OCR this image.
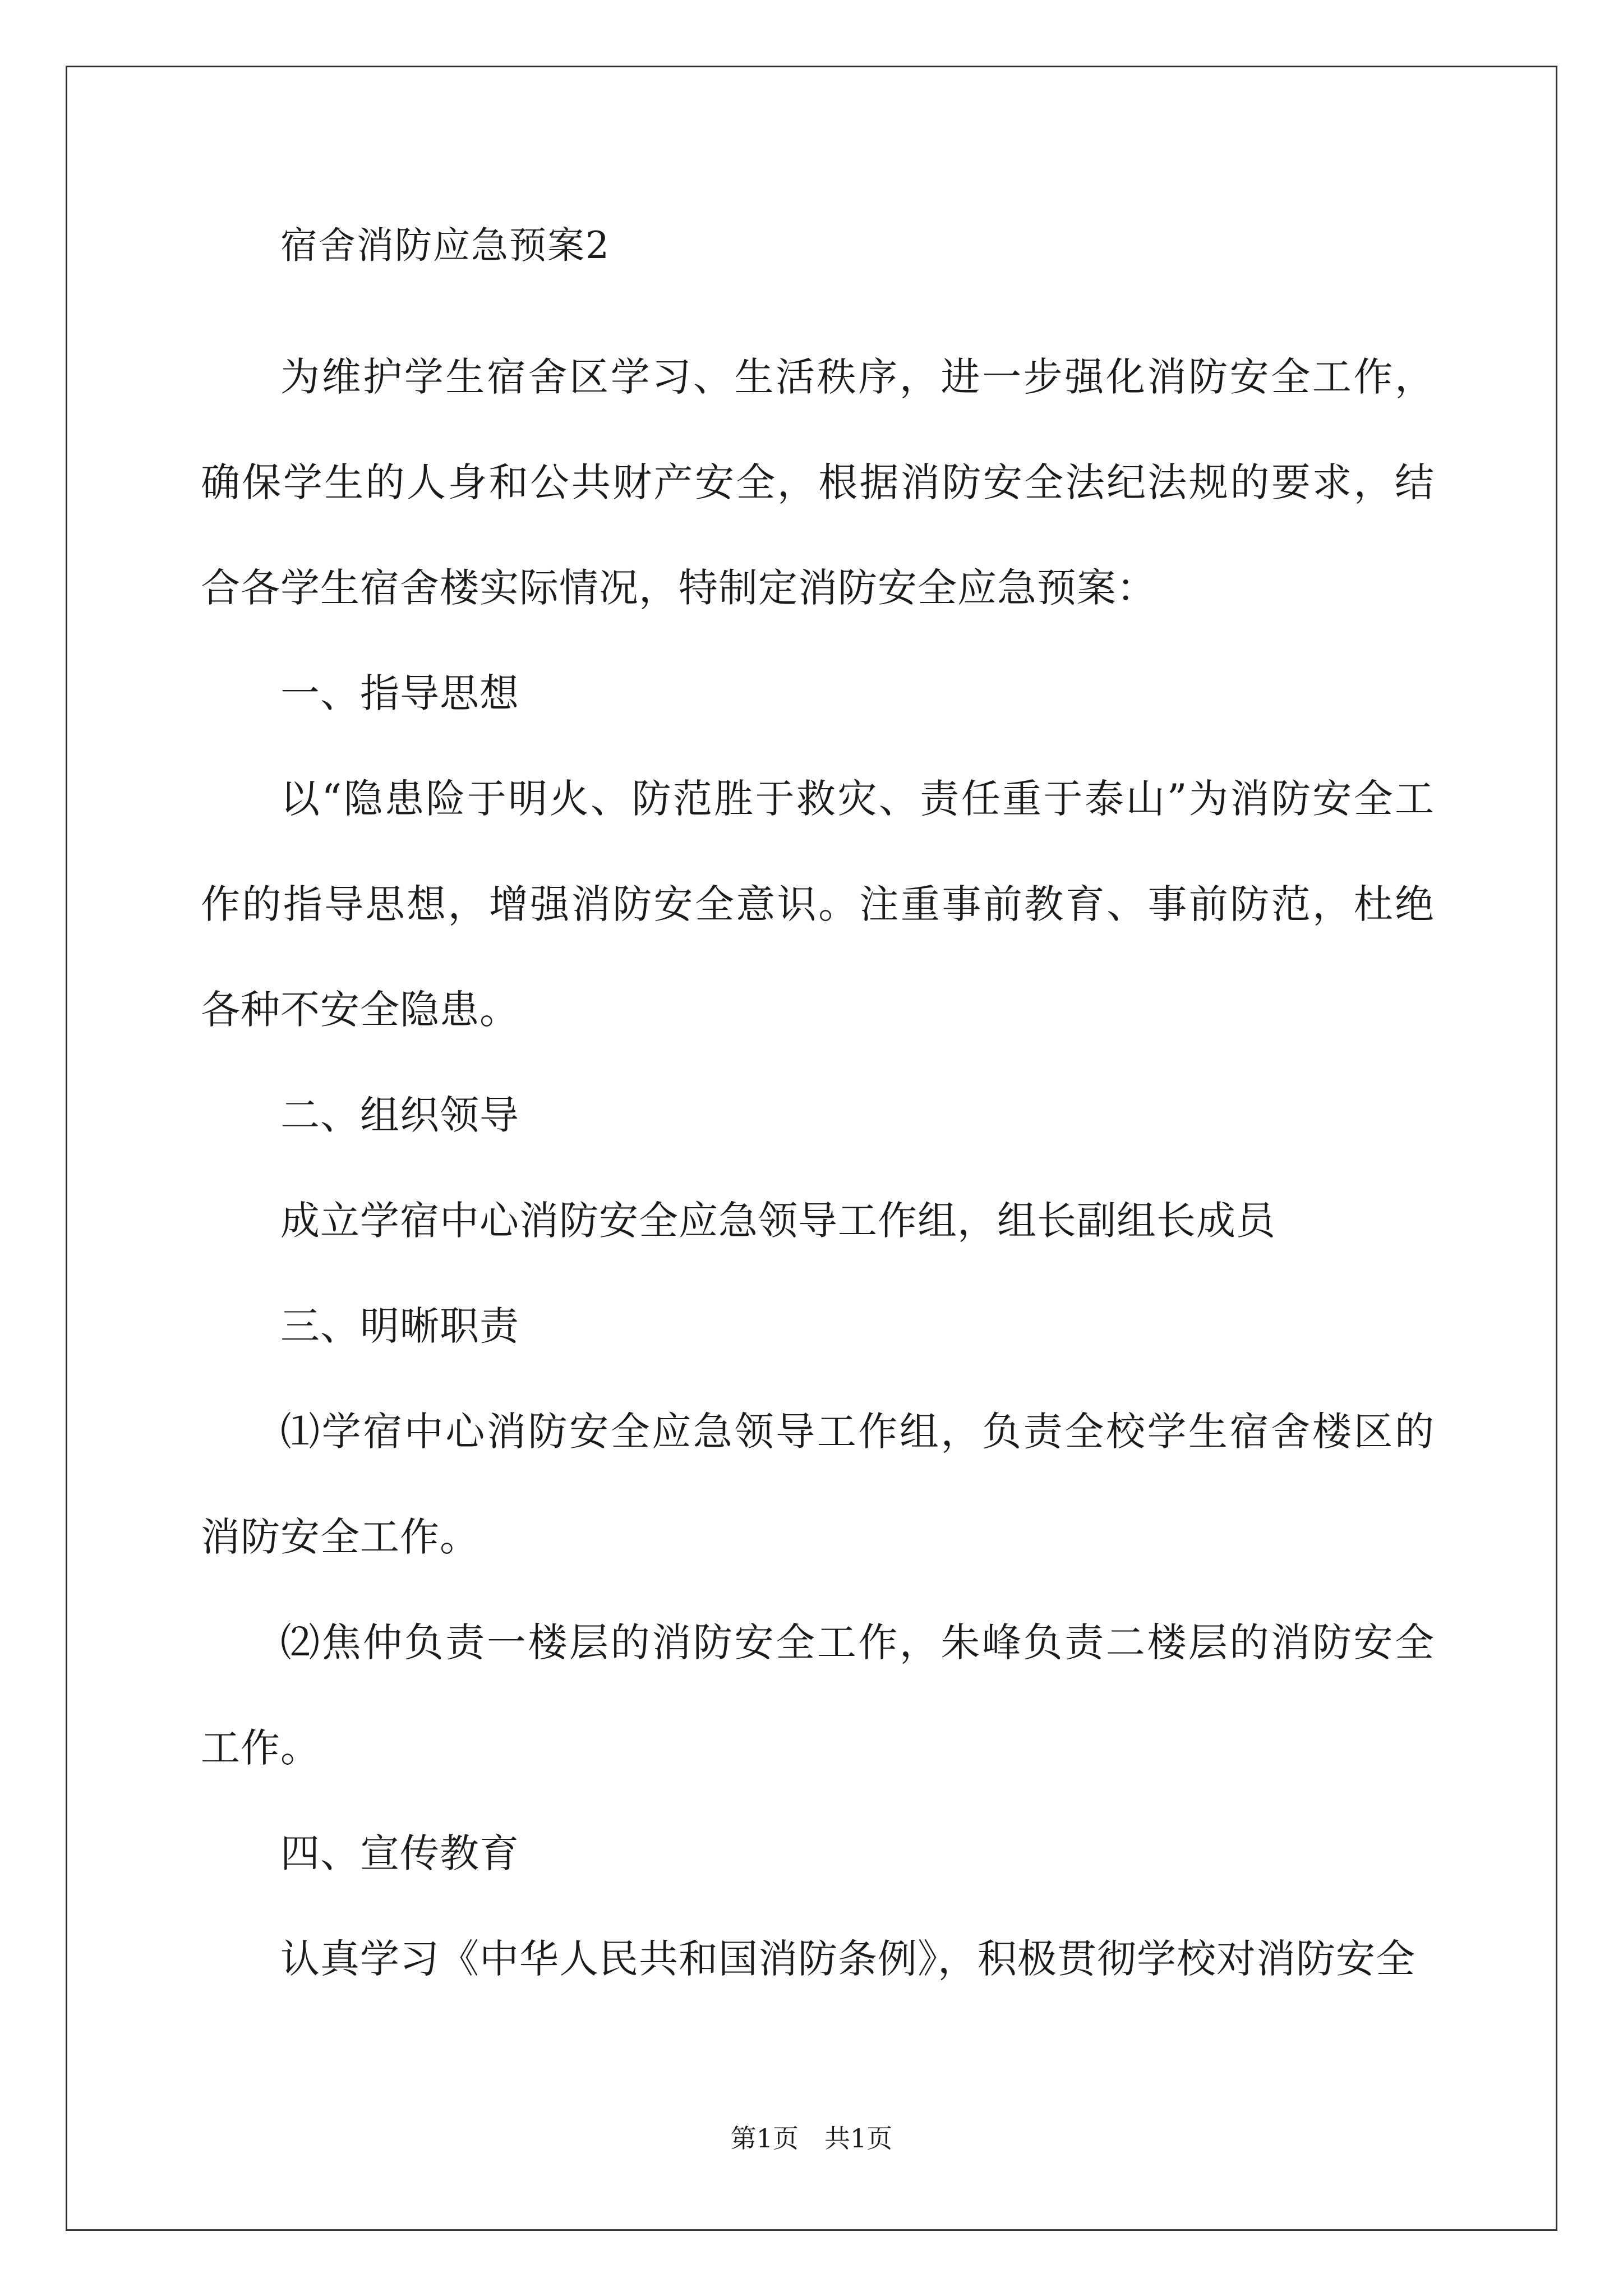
宿舍消防应急预案2

为维护学生宿舍区学习、生活秩序，进一步强化消防安全工作，确保学生的人身和公共财产安全，根据消防安全法纪法规的要求，结合各学生宿舍楼实际情况，特制定消防安全应急预案：

一、指导思想

以“隐患险于明火、防范胜于救灾、责任重于泰山”为消防安全工作的指导思想，增强消防安全意识。注重事前教育、事前防范，杜绝各种不安全隐患。

二、组织领导

成立学宿中心消防安全应急领导工作组，组长副组长成员

三、明晰职责

⑴学宿中心消防安全应急领导工作组，负责全校学生宿舍楼区的消防安全工作。

⑵焦仲负责一楼层的消防安全工作，朱峰负责二楼层的消防安全工作。

四、宣传教育

认真学习《中华人民共和国消防条例》，积极贯彻学校对消防安全

第1页　共1页
